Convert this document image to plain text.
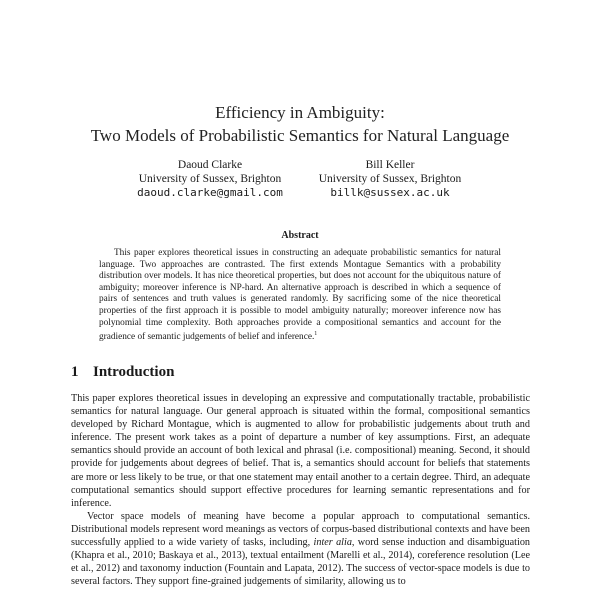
Efficiency in Ambiguity:
Two Models of Probabilistic Semantics for Natural Language
Daoud Clarke
University of Sussex, Brighton
daoud.clarke@gmail.com
Bill Keller
University of Sussex, Brighton
billk@sussex.ac.uk
Abstract
This paper explores theoretical issues in constructing an adequate probabilistic semantics for natural language. Two approaches are contrasted. The first extends Montague Semantics with a probability distribution over models. It has nice theoretical properties, but does not account for the ubiquitous nature of ambiguity; moreover inference is NP-hard. An alternative approach is described in which a sequence of pairs of sentences and truth values is generated randomly. By sacrificing some of the nice theoretical properties of the first approach it is possible to model ambiguity naturally; moreover inference now has polynomial time complexity. Both approaches provide a compositional semantics and account for the gradience of semantic judgements of belief and inference.$^1$
1 Introduction

This paper explores theoretical issues in developing an expressive and computationally tractable, probabilistic semantics for natural language. Our general approach is situated within the formal, compositional semantics developed by Richard Montague, which is augmented to allow for probabilistic judgements about truth and inference. The present work takes as a point of departure a number of key assumptions. First, an adequate semantics should provide an account of both lexical and phrasal (i.e. compositional) meaning. Second, it should provide for judgements about degrees of belief. That is, a semantics should account for beliefs that statements are more or less likely to be true, or that one statement may entail another to a certain degree. Third, an adequate computational semantics should support effective procedures for learning semantic representations and for inference.

Vector space models of meaning have become a popular approach to computational semantics. Distributional models represent word meanings as vectors of corpus-based distributional contexts and have been successfully applied to a wide variety of tasks, including, inter alia, word sense induction and disambiguation (Khapra et al., 2010; Baskaya et al., 2013), textual entailment (Marelli et al., 2014), coreference resolution (Lee et al., 2012) and taxonomy induction (Fountain and Lapata, 2012). The success of vector-space models is due to several factors. They support fine-grained judgements of similarity, allowing us to
